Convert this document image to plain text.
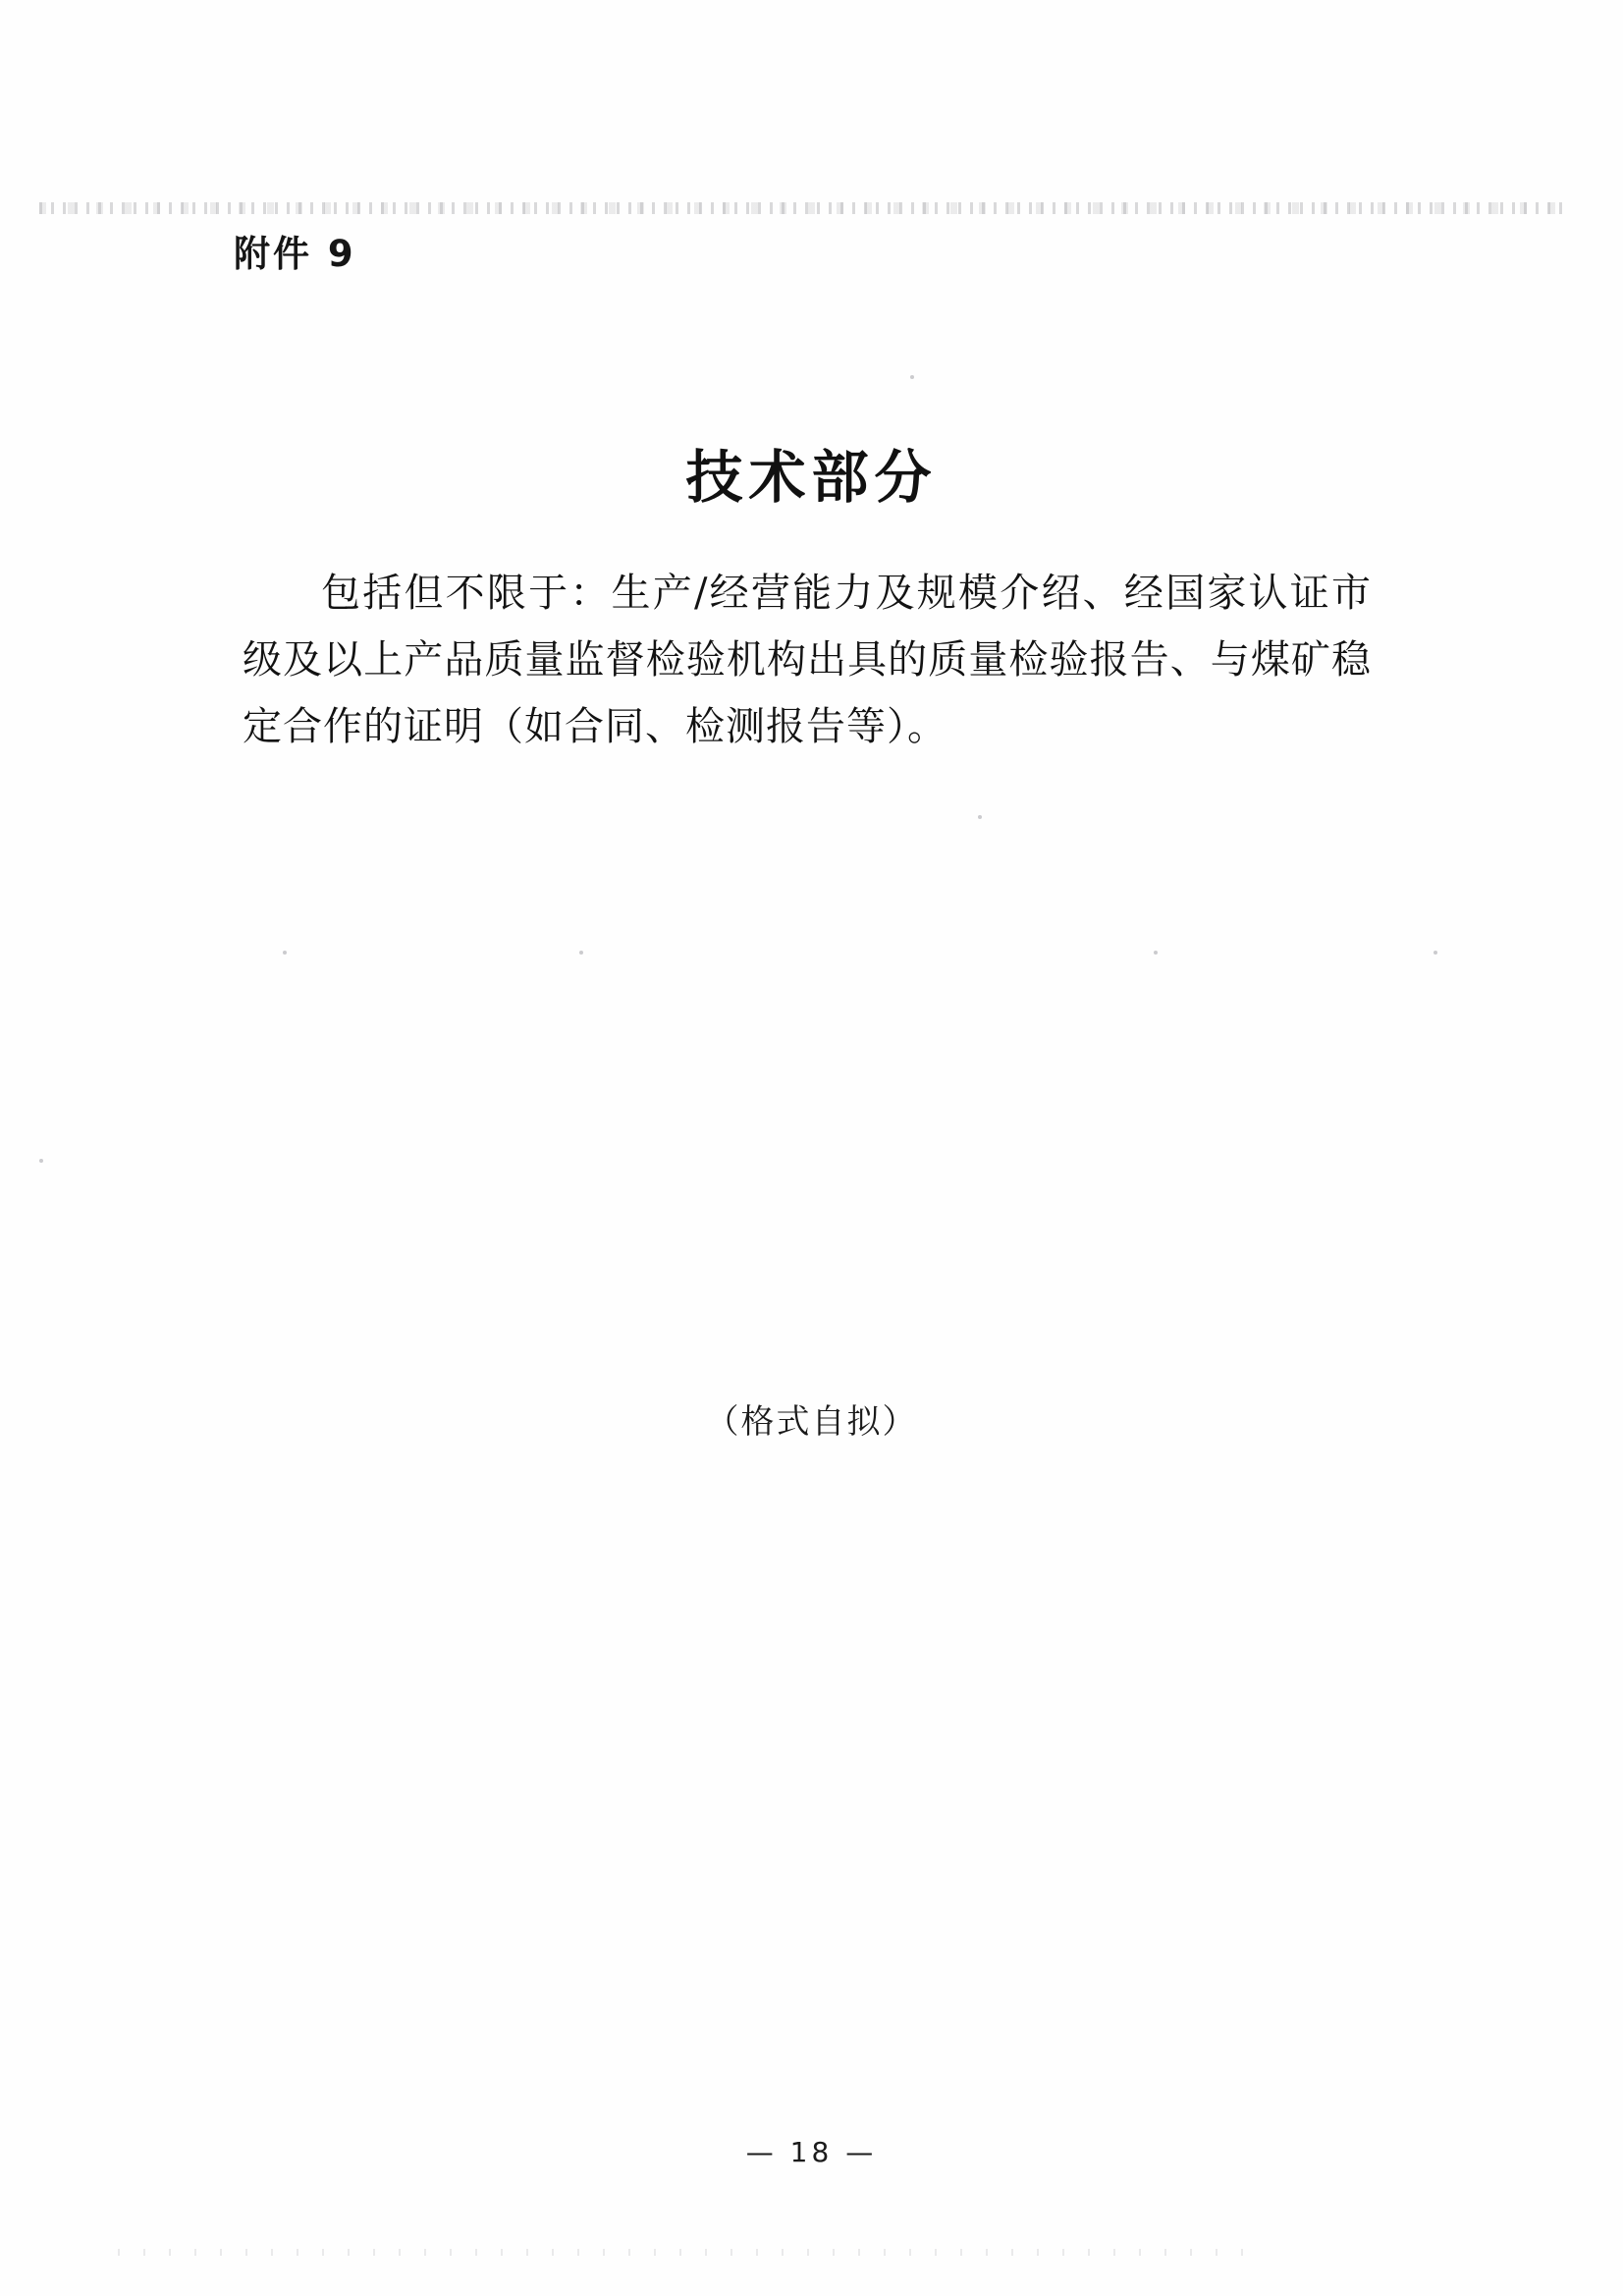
附件 9
技术部分

包括但不限于：生产/经营能力及规模介绍、经国家认证市级及以上产品质量监督检验机构出具的质量检验报告、与煤矿稳定合作的证明（如合同、检测报告等）。

（格式自拟）
— 18 —
